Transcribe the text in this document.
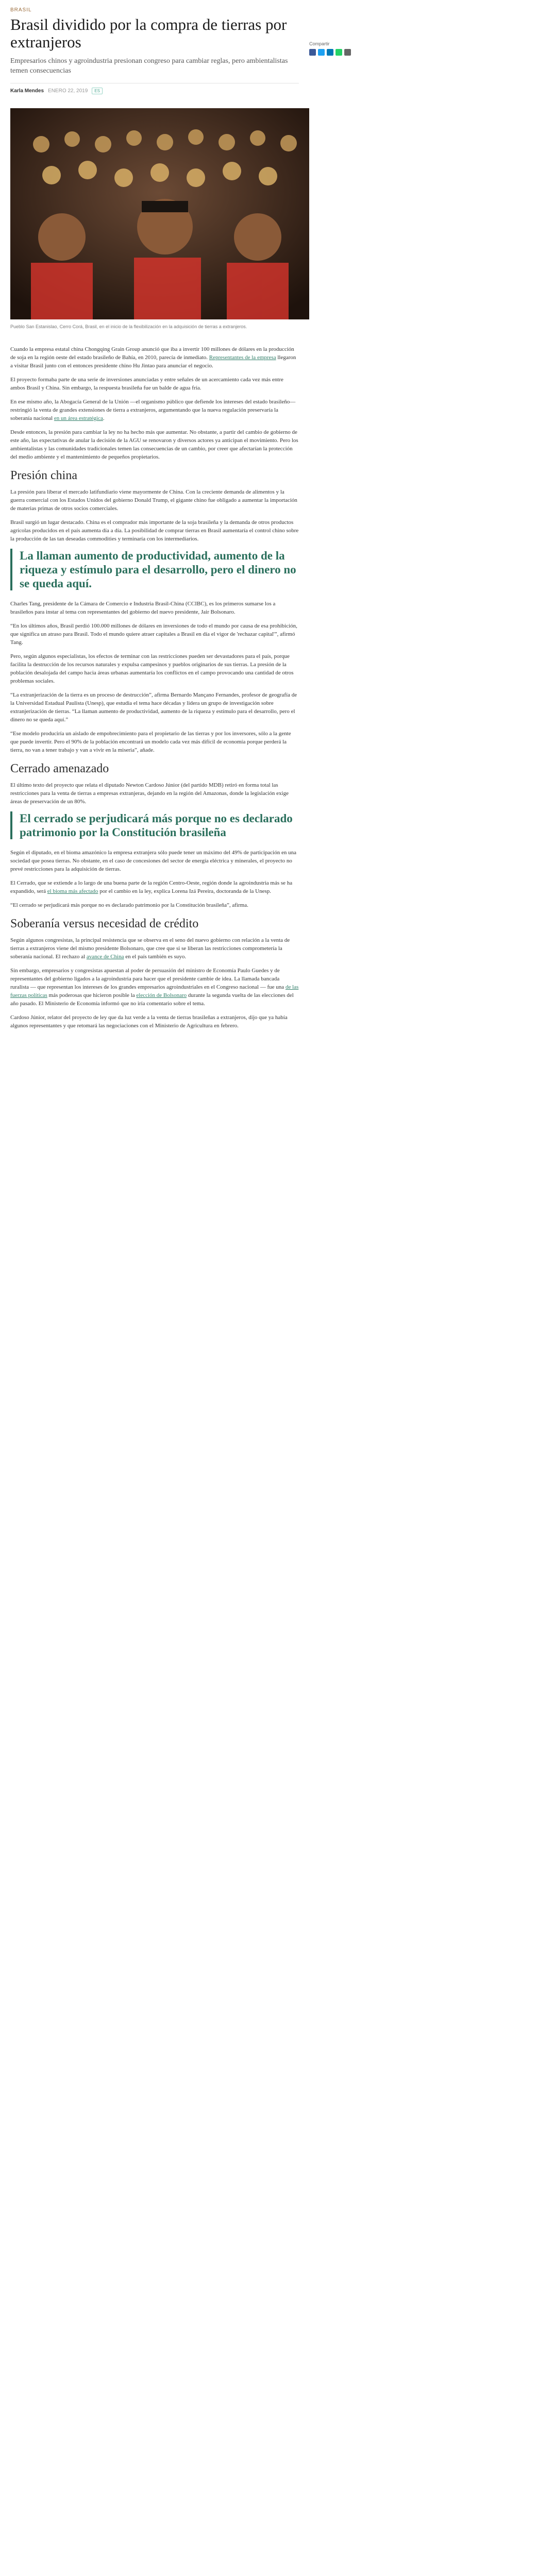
BRASIL
Brasil dividido por la compra de tierras por extranjeros

Empresarios chinos y agroindustria presionan congreso para cambiar reglas, pero ambientalistas temen consecuencias

Karla Mendes ENERO 22, 2019	ES
Compartir
Pueblo San Estanislao, Cerro Corá, Brasil, en el inicio de la flexibilización en la adquisición de tierras a extranjeros.

Cuando la empresa estatal china Chongqing Grain Group anunció que iba a invertir 100 millones de dólares en la producción de soja en la región oeste del estado brasileño de Bahía, en 2010, parecía de inmediato. Representantes de la empresa llegaron a visitar Brasil junto con el entonces presidente chino Hu Jintao para anunciar el negocio.

El proyecto formaba parte de una serie de inversiones anunciadas y entre señales de un acercamiento cada vez más entre ambos Brasil y China. Sin embargo, la respuesta brasileña fue un balde de agua fría.

En ese mismo año, la Abogacía General de la Unión —el organismo público que defiende los intereses del estado brasileño— restringió la venta de grandes extensiones de tierra a extranjeros, argumentando que la nueva regulación preservaría la soberanía nacional en un área estratégica.

Desde entonces, la presión para cambiar la ley no ha hecho más que aumentar. No obstante, a partir del cambio de gobierno de este año, las expectativas de anular la decisión de la AGU se renovaron y diversos actores ya anticipan el movimiento. Pero los ambientalistas y las comunidades tradicionales temen las consecuencias de un cambio, por creer que afectarían la protección del medio ambiente y el mantenimiento de pequeños propietarios.

Presión china

La presión para liberar el mercado latifundiario viene mayormente de China. Con la creciente demanda de alimentos y la guerra comercial con los Estados Unidos del gobierno Donald Trump, el gigante chino fue obligado a aumentar la importación de materias primas de otros socios comerciales.

Brasil surgió un lugar destacado. China es el comprador más importante de la soja brasileña y la demanda de otros productos agrícolas producidos en el país aumenta día a día. La posibilidad de comprar tierras en Brasil aumentaría el control chino sobre la producción de las tan deseadas commodities y terminaría con los intermediarios.

La llaman aumento de productividad, aumento de la riqueza y estímulo para el desarrollo, pero el dinero no se queda aquí.

Charles Tang, presidente de la Cámara de Comercio e Industria Brasil-China (CCIBC), es los primeros sumarse los a brasileños para instar al tema con representantes del gobierno del nuevo presidente, Jair Bolsonaro.

“En los últimos años, Brasil perdió 100.000 millones de dólares en inversiones de todo el mundo por causa de esa prohibición, que significa un atraso para Brasil. Todo el mundo quiere atraer capitales a Brasil en día el vigor de 'rechazar capital'”, afirmó Tang.

Pero, según algunos especialistas, los efectos de terminar con las restricciones pueden ser devastadores para el país, porque facilita la destrucción de los recursos naturales y expulsa campesinos y pueblos originarios de sus tierras. La presión de la población desalojada del campo hacia áreas urbanas aumentaría los conflictos en el campo provocando una cantidad de otros problemas sociales.

“La extranjerización de la tierra es un proceso de destrucción”, afirma Bernardo Mançano Fernandes, profesor de geografía de la Universidad Estadual Paulista (Unesp), que estudia el tema hace décadas y lidera un grupo de investigación sobre extranjerización de tierras. “La llaman aumento de productividad, aumento de la riqueza y estímulo para el desarrollo, pero el dinero no se queda aquí.”

“Ese modelo produciría un aislado de empobrecimiento para el propietario de las tierras y por los inversores, sólo a la gente que puede invertir. Pero el 90% de la población encontrará un modelo cada vez más difícil de economía porque perderá la tierra, no van a tener trabajo y van a vivir en la miseria”, añade.

Cerrado amenazado

El último texto del proyecto que relata el diputado Newton Cardoso Júnior (del partido MDB) retiró en forma total las restricciones para la venta de tierras a empresas extranjeras, dejando en la región del Amazonas, donde la legislación exige áreas de preservación de un 80%.

El cerrado se perjudicará más porque no es declarado patrimonio por la Constitución brasileña

Según el diputado, en el bioma amazónico la empresa extranjera sólo puede tener un máximo del 49% de participación en una sociedad que posea tierras. No obstante, en el caso de concesiones del sector de energía eléctrica y minerales, el proyecto no prevé restricciones para la adquisición de tierras.

El Cerrado, que se extiende a lo largo de una buena parte de la región Centro-Oeste, región donde la agroindustria más se ha expandido, será el bioma más afectado por el cambio en la ley, explica Lorena Izá Pereira, doctoranda de la Unesp.

“El cerrado se perjudicará más porque no es declarado patrimonio por la Constitución brasileña”, afirma.

Soberanía versus necesidad de crédito

Según algunos congresistas, la principal resistencia que se observa en el seno del nuevo gobierno con relación a la venta de tierras a extranjeros viene del mismo presidente Bolsonaro, que cree que si se liberan las restricciones comprometería la soberanía nacional. El rechazo al avance de China en el país también es suyo.

Sin embargo, empresarios y congresistas apuestan al poder de persuasión del ministro de Economía Paulo Guedes y de representantes del gobierno ligados a la agroindustria para hacer que el presidente cambie de idea. La llamada bancada ruralista — que representan los intereses de los grandes empresarios agroindustriales en el Congreso nacional — fue una de las fuerzas políticas más poderosas que hicieron posible la elección de Bolsonaro durante la segunda vuelta de las elecciones del año pasado. El Ministerio de Economía informó que no iría comentario sobre el tema.

Cardoso Júnior, relator del proyecto de ley que da luz verde a la venta de tierras brasileñas a extranjeros, dijo que ya había algunos representantes y que retomará las negociaciones con el Ministerio de Agricultura en febrero.
